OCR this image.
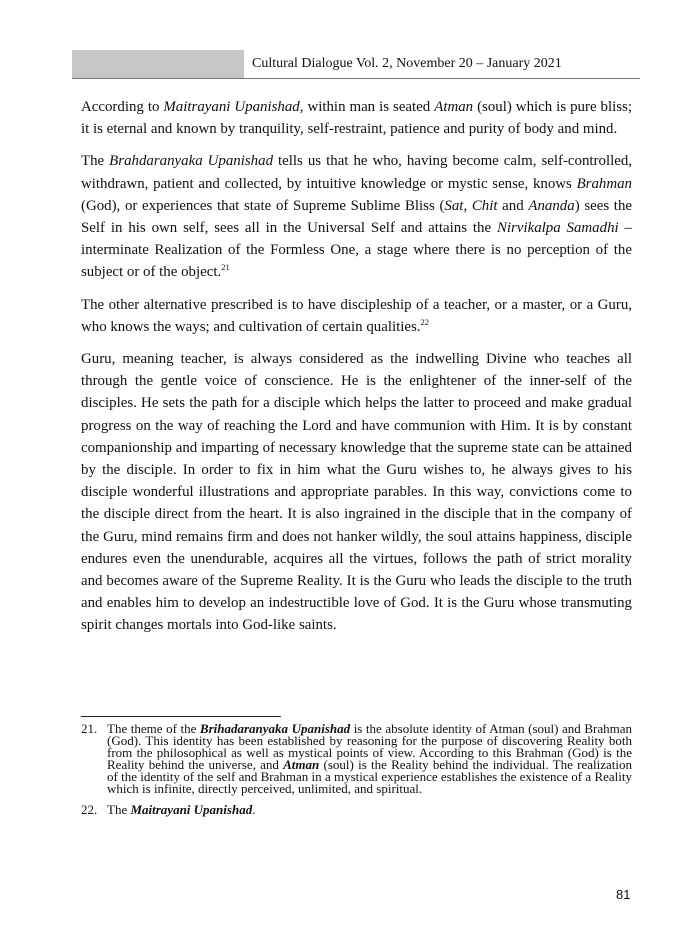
Cultural Dialogue Vol. 2, November 20 – January 2021

According to Maitrayani Upanishad, within man is seated Atman (soul) which is pure bliss; it is eternal and known by tranquility, self-restraint, patience and purity of body and mind.

The Brahdaranyaka Upanishad tells us that he who, having become calm, self-controlled, withdrawn, patient and collected, by intuitive knowledge or mystic sense, knows Brahman (God), or experiences that state of Supreme Sublime Bliss (Sat, Chit and Ananda) sees the Self in his own self, sees all in the Universal Self and attains the Nirvikalpa Samadhi – interminate Realization of the Formless One, a stage where there is no perception of the subject or of the object.$^{21}$

The other alternative prescribed is to have discipleship of a teacher, or a master, or a Guru, who knows the ways; and cultivation of certain qualities.$^{22}$

Guru, meaning teacher, is always considered as the indwelling Divine who teaches all through the gentle voice of conscience. He is the enlightener of the inner-self of the disciples. He sets the path for a disciple which helps the latter to proceed and make gradual progress on the way of reaching the Lord and have communion with Him. It is by constant companionship and imparting of necessary knowledge that the supreme state can be attained by the disciple. In order to fix in him what the Guru wishes to, he always gives to his disciple wonderful illustrations and appropriate parables. In this way, convictions come to the disciple direct from the heart. It is also ingrained in the disciple that in the company of the Guru, mind remains firm and does not hanker wildly, the soul attains happiness, disciple endures even the unendurable, acquires all the virtues, follows the path of strict morality and becomes aware of the Supreme Reality. It is the Guru who leads the disciple to the truth and enables him to develop an indestructible love of God. It is the Guru whose transmuting spirit changes mortals into God-like saints.

21. The theme of the Brihadaranyaka Upanishad is the absolute identity of Atman (soul) and Brahman (God). This identity has been established by reasoning for the purpose of discovering Reality both from the philosophical as well as mystical points of view. According to this Brahman (God) is the Reality behind the universe, and Atman (soul) is the Reality behind the individual. The realization of the identity of the self and Brahman in a mystical experience establishes the existence of a Reality which is infinite, directly perceived, unlimited, and spiritual.
22. The Maitrayani Upanishad.
81
